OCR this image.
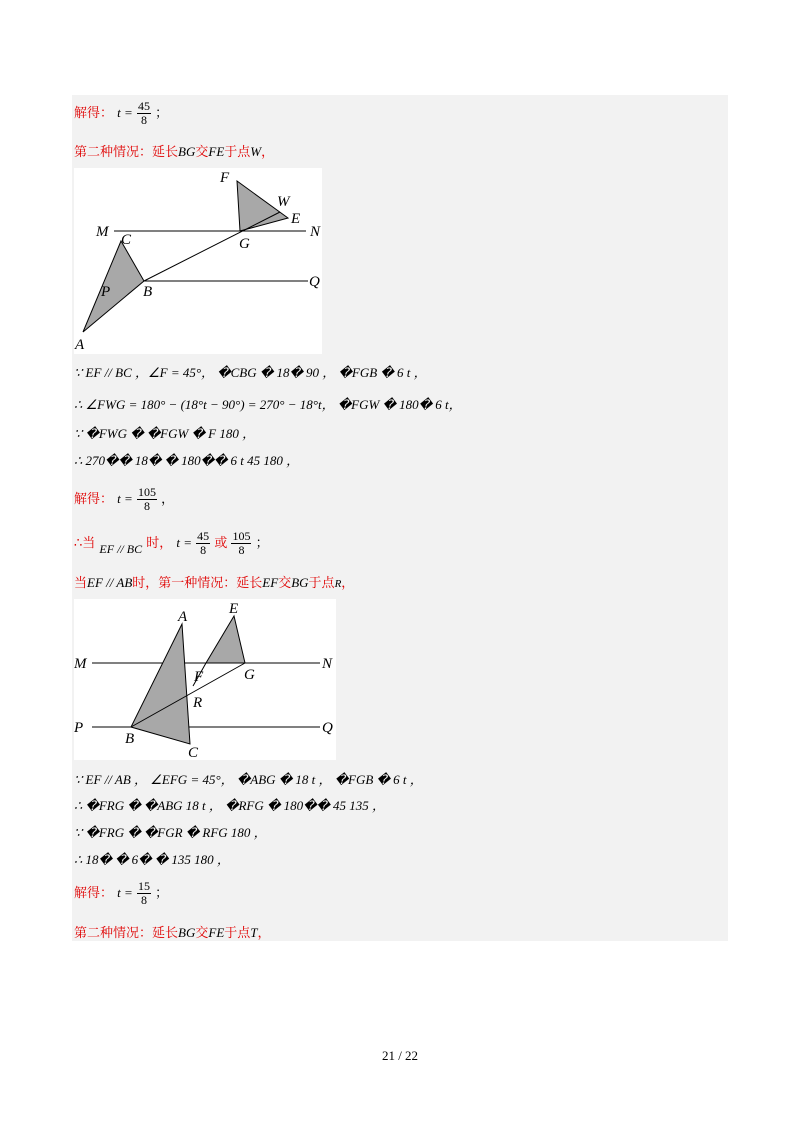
解得： $t = \frac{45}{8}$ ；
第二种情况：延长BG交FE于点W，
F
W
E
M C	G
N
P B
Q
A
∵ EF // BC ，∠F = 45°， �CBG � 18� 90 ， �FGB � 6 t ，
∴ ∠FWG = 180° − (18°t − 90°) = 270° − 18°t， �FGW � 180� 6 t，
∵ �FWG � �FGW � F 180 ，
∴ 270�� 18� � 180�� 6 t 45 180 ，
解得： $t = \frac{105}{8}$ ，
∴当 EF // BC 时， $t = \frac{45}{8}$ 或 $\frac{105}{8}$ ；
当EF // AB时，第一种情况：延长EF交BG于点R，
A	E
M
F	G
N
R
P
B
Q
C
∵ EF // AB ， ∠EFG = 45°， �ABG � 18 t ， �FGB � 6 t ，
∴ �FRG � �ABG 18 t ， �RFG � 180�� 45 135 ，
∵ �FRG � �FGR � RFG 180 ，
∴ 18� � 6� � 135 180 ，
解得： $t = \frac{15}{8}$ ；
第二种情况：延长BG交FE于点T，
21 / 22
